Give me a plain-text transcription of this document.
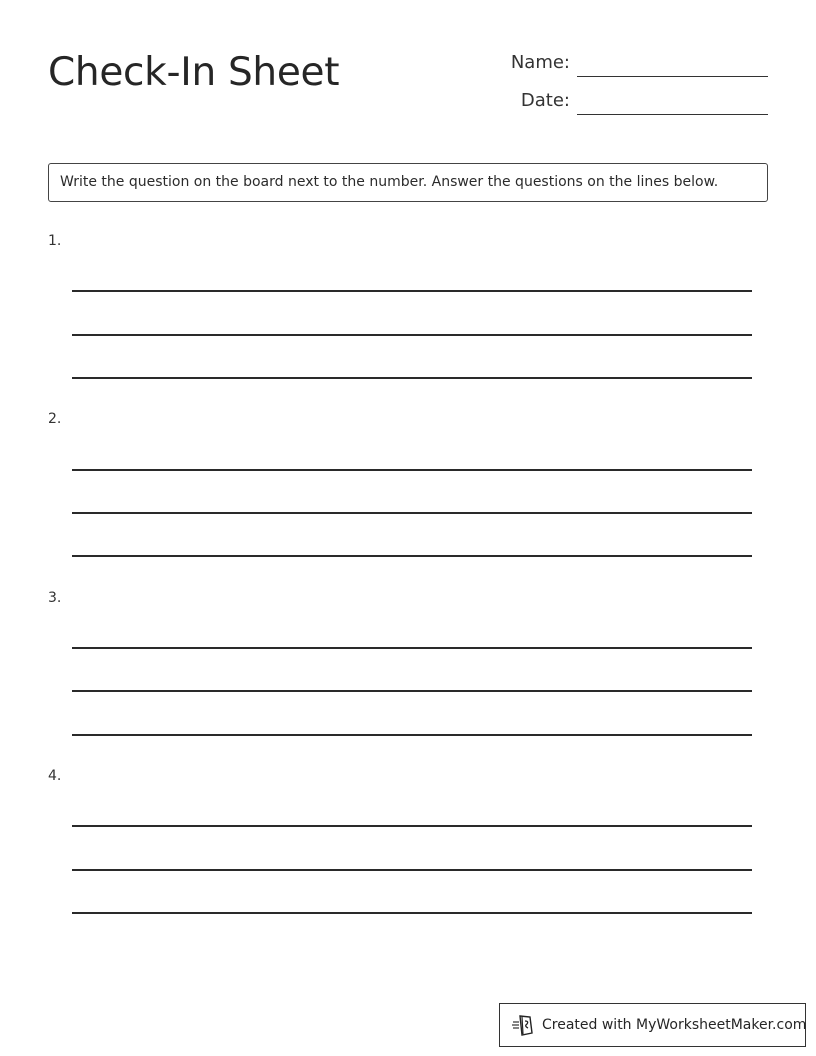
Check-In Sheet	Name:
Date:
Write the question on the board next to the number. Answer the questions on the lines below.
1.
2.
3.
4.
Created with MyWorksheetMaker.com
